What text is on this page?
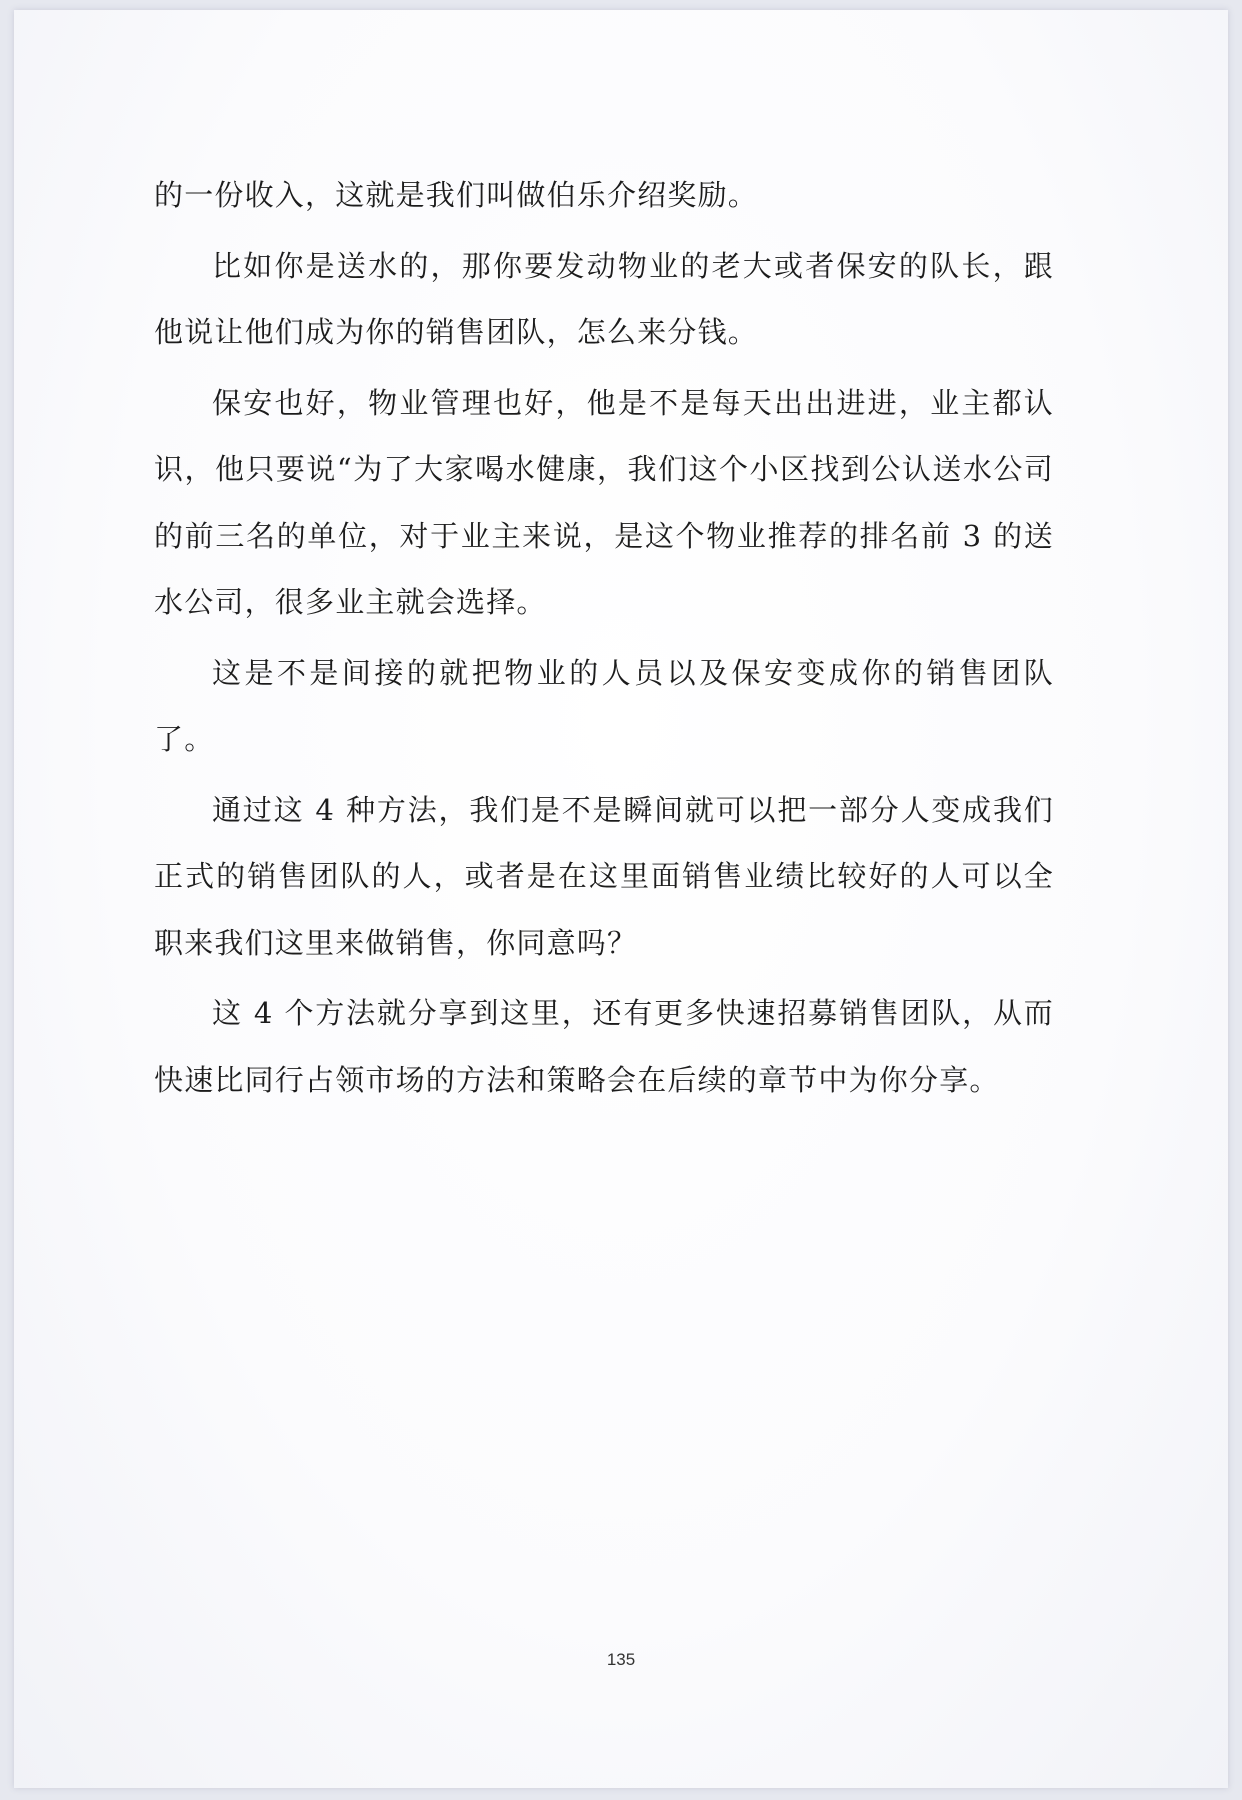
的一份收入，这就是我们叫做伯乐介绍奖励。

比如你是送水的，那你要发动物业的老大或者保安的队长，跟他说让他们成为你的销售团队，怎么来分钱。

保安也好，物业管理也好，他是不是每天出出进进，业主都认识，他只要说“为了大家喝水健康，我们这个小区找到公认送水公司的前三名的单位，对于业主来说，是这个物业推荐的排名前 3 的送水公司，很多业主就会选择。

这是不是间接的就把物业的人员以及保安变成你的销售团队了。

通过这 4 种方法，我们是不是瞬间就可以把一部分人变成我们正式的销售团队的人，或者是在这里面销售业绩比较好的人可以全职来我们这里来做销售，你同意吗？

这 4 个方法就分享到这里，还有更多快速招募销售团队，从而快速比同行占领市场的方法和策略会在后续的章节中为你分享。

135
